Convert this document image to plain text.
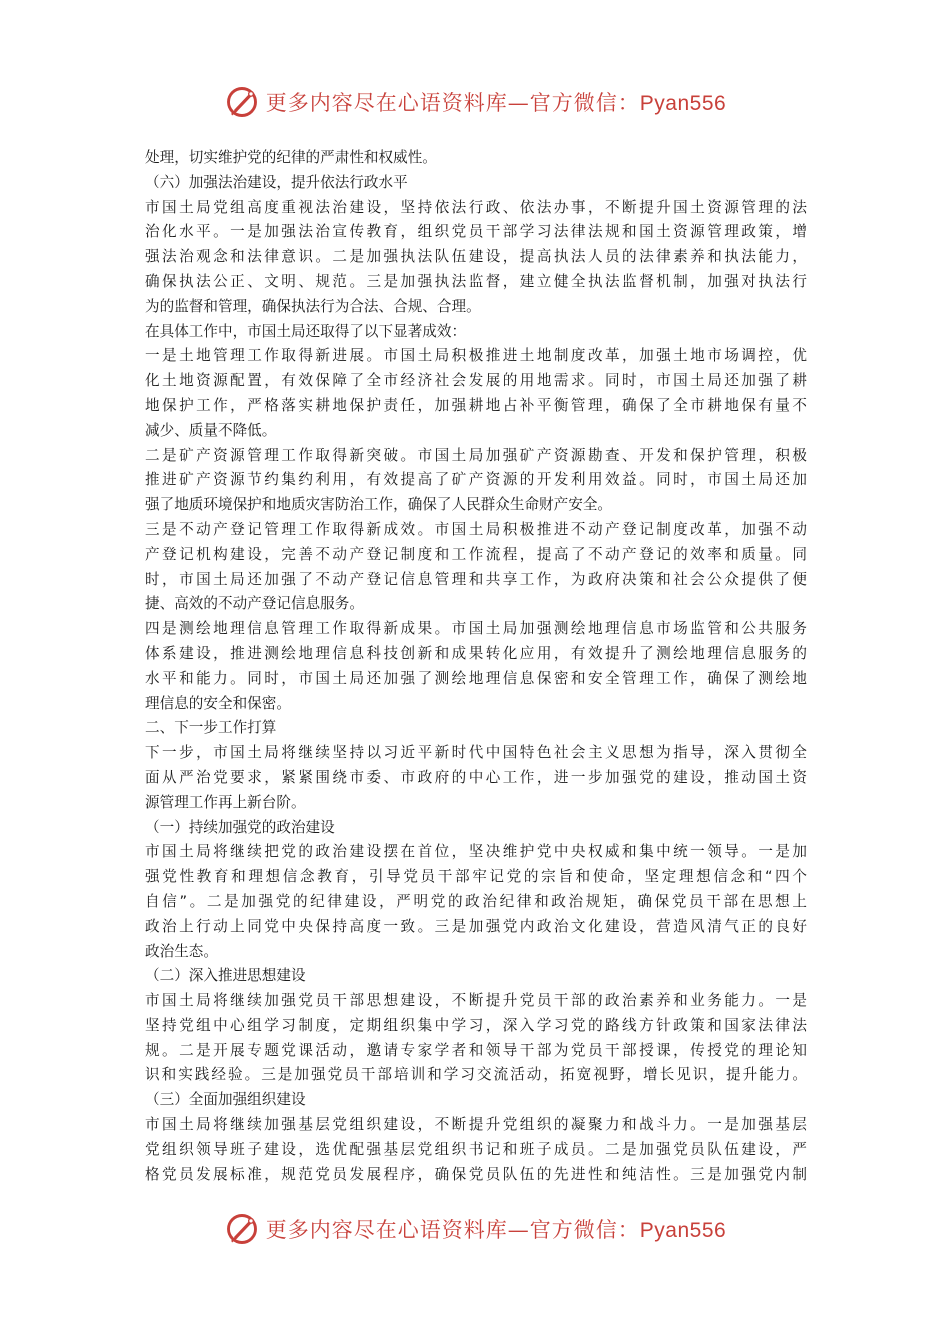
更多内容尽在心语资料库—官方微信：Pyan556
处理，切实维护党的纪律的严肃性和权威性。
（六）加强法治建设，提升依法行政水平
市国土局党组高度重视法治建设，坚持依法行政、依法办事，不断提升国土资源管理的法
治化水平。一是加强法治宣传教育，组织党员干部学习法律法规和国土资源管理政策，增
强法治观念和法律意识。二是加强执法队伍建设，提高执法人员的法律素养和执法能力，
确保执法公正、文明、规范。三是加强执法监督，建立健全执法监督机制，加强对执法行
为的监督和管理，确保执法行为合法、合规、合理。
在具体工作中，市国土局还取得了以下显著成效：
一是土地管理工作取得新进展。市国土局积极推进土地制度改革，加强土地市场调控，优
化土地资源配置，有效保障了全市经济社会发展的用地需求。同时，市国土局还加强了耕
地保护工作，严格落实耕地保护责任，加强耕地占补平衡管理，确保了全市耕地保有量不
减少、质量不降低。
二是矿产资源管理工作取得新突破。市国土局加强矿产资源勘查、开发和保护管理，积极
推进矿产资源节约集约利用，有效提高了矿产资源的开发利用效益。同时，市国土局还加
强了地质环境保护和地质灾害防治工作，确保了人民群众生命财产安全。
三是不动产登记管理工作取得新成效。市国土局积极推进不动产登记制度改革，加强不动
产登记机构建设，完善不动产登记制度和工作流程，提高了不动产登记的效率和质量。同
时，市国土局还加强了不动产登记信息管理和共享工作，为政府决策和社会公众提供了便
捷、高效的不动产登记信息服务。
四是测绘地理信息管理工作取得新成果。市国土局加强测绘地理信息市场监管和公共服务
体系建设，推进测绘地理信息科技创新和成果转化应用，有效提升了测绘地理信息服务的
水平和能力。同时，市国土局还加强了测绘地理信息保密和安全管理工作，确保了测绘地
理信息的安全和保密。
二、下一步工作打算
下一步，市国土局将继续坚持以习近平新时代中国特色社会主义思想为指导，深入贯彻全
面从严治党要求，紧紧围绕市委、市政府的中心工作，进一步加强党的建设，推动国土资
源管理工作再上新台阶。
（一）持续加强党的政治建设
市国土局将继续把党的政治建设摆在首位，坚决维护党中央权威和集中统一领导。一是加
强党性教育和理想信念教育，引导党员干部牢记党的宗旨和使命，坚定理想信念和“四个
自信”。二是加强党的纪律建设，严明党的政治纪律和政治规矩，确保党员干部在思想上
政治上行动上同党中央保持高度一致。三是加强党内政治文化建设，营造风清气正的良好
政治生态。
（二）深入推进思想建设
市国土局将继续加强党员干部思想建设，不断提升党员干部的政治素养和业务能力。一是
坚持党组中心组学习制度，定期组织集中学习，深入学习党的路线方针政策和国家法律法
规。二是开展专题党课活动，邀请专家学者和领导干部为党员干部授课，传授党的理论知
识和实践经验。三是加强党员干部培训和学习交流活动，拓宽视野，增长见识，提升能力。
（三）全面加强组织建设
市国土局将继续加强基层党组织建设，不断提升党组织的凝聚力和战斗力。一是加强基层
党组织领导班子建设，选优配强基层党组织书记和班子成员。二是加强党员队伍建设，严
格党员发展标准，规范党员发展程序，确保党员队伍的先进性和纯洁性。三是加强党内制
更多内容尽在心语资料库—官方微信：Pyan556
